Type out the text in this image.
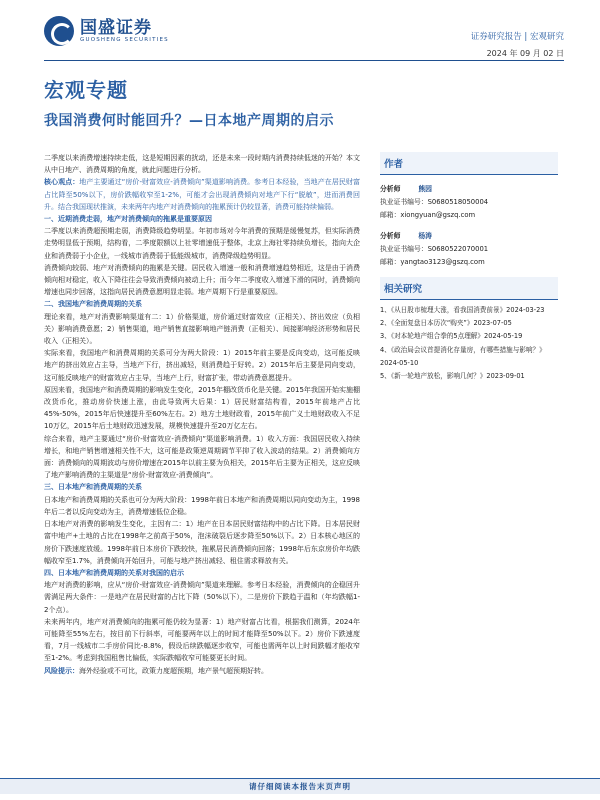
国盛证券
GUOSHENG SECURITIES	证券研究报告 | 宏观研究
2024 年 09 月 02 日
宏观专题
我国消费何时能回升？—日本地产周期的启示
二季度以来消费增速持续走低，这是短期因素的扰动，还是未来一段时期内消费持续低迷的开始？本文从中日地产、消费周期的角度，就此问题进行分析。
核心观点：地产主要通过“房价-财富效应-消费倾向”渠道影响消费。参考日本经验，当地产在居民财富占比降至50%以下，房价跌幅收窄至1-2%，可能才会出现消费倾向对地产下行“脱敏”，进而消费回升。结合我国现状推演，未来两年内地产对消费倾向的拖累预计仍较显著，消费可能持续偏弱。
一、近期消费走弱，地产对消费倾向的拖累是重要原因
二季度以来消费超预期走弱，消费降级趋势明显。年初市场对今年消费的预期是缓慢复苏，但实际消费走势明显低于预期，结构看，二季度限额以上社零增速低于整体，北京上海社零持续负增长，指向大企业和消费弱于小企业，一线城市消费弱于低能级城市，消费降级趋势明显。
消费倾向较弱、地产对消费倾向的拖累是关键。居民收入增速一般和消费增速趋势相近，这是由于消费倾向相对稳定，收入下降往往会导致消费倾向被动上升；而今年二季度收入增速下滑的同时，消费倾向增速也同步回落，这指向居民消费意愿明显走弱。地产周期下行是重要原因。
二、我国地产和消费周期的关系
理论来看，地产对消费影响渠道有二：1）价格渠道，房价通过财富效应（正相关）、挤出效应（负相关）影响消费意愿；2）销售渠道，地产销售直接影响地产链消费（正相关）、间接影响经济形势和居民收入（正相关）。
实际来看，我国地产和消费周期的关系可分为两大阶段：1）2015年前主要是反向变动，这可能反映地产的挤出效应占主导，当地产下行，挤出减轻，则消费趋于好转。2）2015年后主要是同向变动，这可能反映地产的财富效应占主导，当地产上行，财富扩张，带动消费意愿提升。
原因来看，我国地产和消费周期的影响发生变化，2015年棚改货币化是关键。2015年我国开始实施棚改货币化，推动房价快速上涨，由此导致两大后果：1）居民财富结构看，2015年前地产占比45%-50%，2015年后快速提升至60%左右。2）地方土地财政看，2015年前广义土地财政收入不足10万亿，2015年后土地财政迅速发展，规模快速提升至20万亿左右。
综合来看，地产主要通过“房价-财富效应-消费倾向”渠道影响消费。1）收入方面：我国居民收入持续增长，和地产销售增速相关性不大，这可能是政策逆周期调节平抑了收入波动的结果。2）消费倾向方面：消费倾向的周期波动与房价增速在2015年以前主要为负相关，2015年后主要为正相关，这应反映了地产影响消费的主渠道是“房价-财富效应-消费倾向”。
三、日本地产和消费周期的关系
日本地产和消费周期的关系也可分为两大阶段：1998年前日本地产和消费周期以同向变动为主，1998年后二者以反向变动为主，消费增速低位企稳。
日本地产对消费的影响发生变化，主因有二：1）地产在日本居民财富结构中的占比下降。日本居民财富中地产+土地的占比在1998年之前高于50%，泡沫破裂后逐步降至50%以下。2）日本核心地区的房价下跌速度放缓。1998年前日本房价下跌较快，拖累居民消费倾向回落；1998年后东京房价年均跌幅收窄至1.7%，消费倾向开始回升，可能与地产挤出减轻、租住需求释放有关。
四、日本地产和消费周期的关系对我国的启示
地产对消费的影响，应从“房价-财富效应-消费倾向”渠道来理解。参考日本经验，消费倾向的企稳回升需满足两大条件：一是地产在居民财富的占比下降（50%以下），二是房价下跌趋于温和（年均跌幅1-2个点）。
未来两年内，地产对消费倾向的拖累可能仍较为显著：1）地产财富占比看，根据我们测算，2024年可能降至55%左右，按目前下行斜率，可能要两年以上的时间才能降至50%以下。2）房价下跌速度看，7月一线城市二手房价同比-8.8%，假设后续跌幅逐步收窄，可能也需两年以上时间跌幅才能收窄至1-2%。考虑到我国租售比偏低，实际跌幅收窄可能要更长时间。
风险提示：海外经验或不可比，政策力度超预期，地产景气超预期好转。
作者
分析师	熊园
执业证书编号：S0680518050004
邮箱：xiongyuan@gszq.com
分析师	杨涛
执业证书编号：S0680522070001
邮箱：yangtao3123@gszq.com
相关研究
1、《从日股市梳理大涨，看我国消费前景》2024-03-23
2、《全面复盘日本历次“购夹”》2023-07-05
3、《对本轮地产组合拳的5点理解》2024-05-19
4、《政治局会议首提消化存量房，有哪些措施与影响？》2024-05-10
5、《新一轮地产放松，影响几何？》2023-09-01
请仔细阅读本报告末页声明
